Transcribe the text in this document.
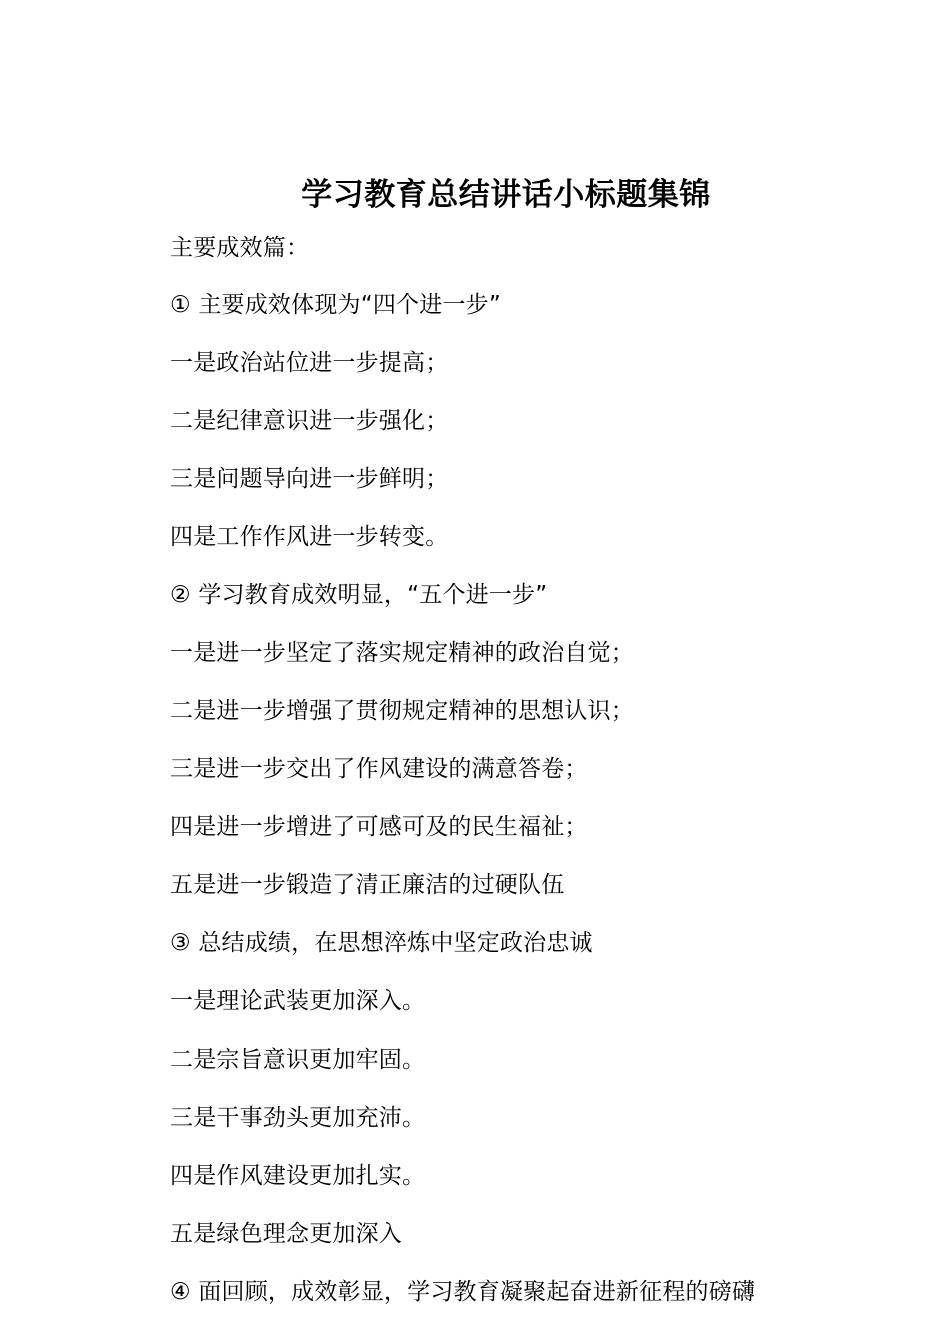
学习教育总结讲话小标题集锦

主要成效篇：

① 主要成效体现为“四个进一步”

一是政治站位进一步提高；

二是纪律意识进一步强化；

三是问题导向进一步鲜明；

四是工作作风进一步转变。

② 学习教育成效明显，“五个进一步”

一是进一步坚定了落实规定精神的政治自觉；

二是进一步增强了贯彻规定精神的思想认识；

三是进一步交出了作风建设的满意答卷；

四是进一步增进了可感可及的民生福祉；

五是进一步锻造了清正廉洁的过硬队伍

③ 总结成绩，在思想淬炼中坚定政治忠诚

一是理论武装更加深入。

二是宗旨意识更加牢固。

三是干事劲头更加充沛。

四是作风建设更加扎实。

五是绿色理念更加深入

④ 面回顾，成效彰显，学习教育凝聚起奋进新征程的磅礴
